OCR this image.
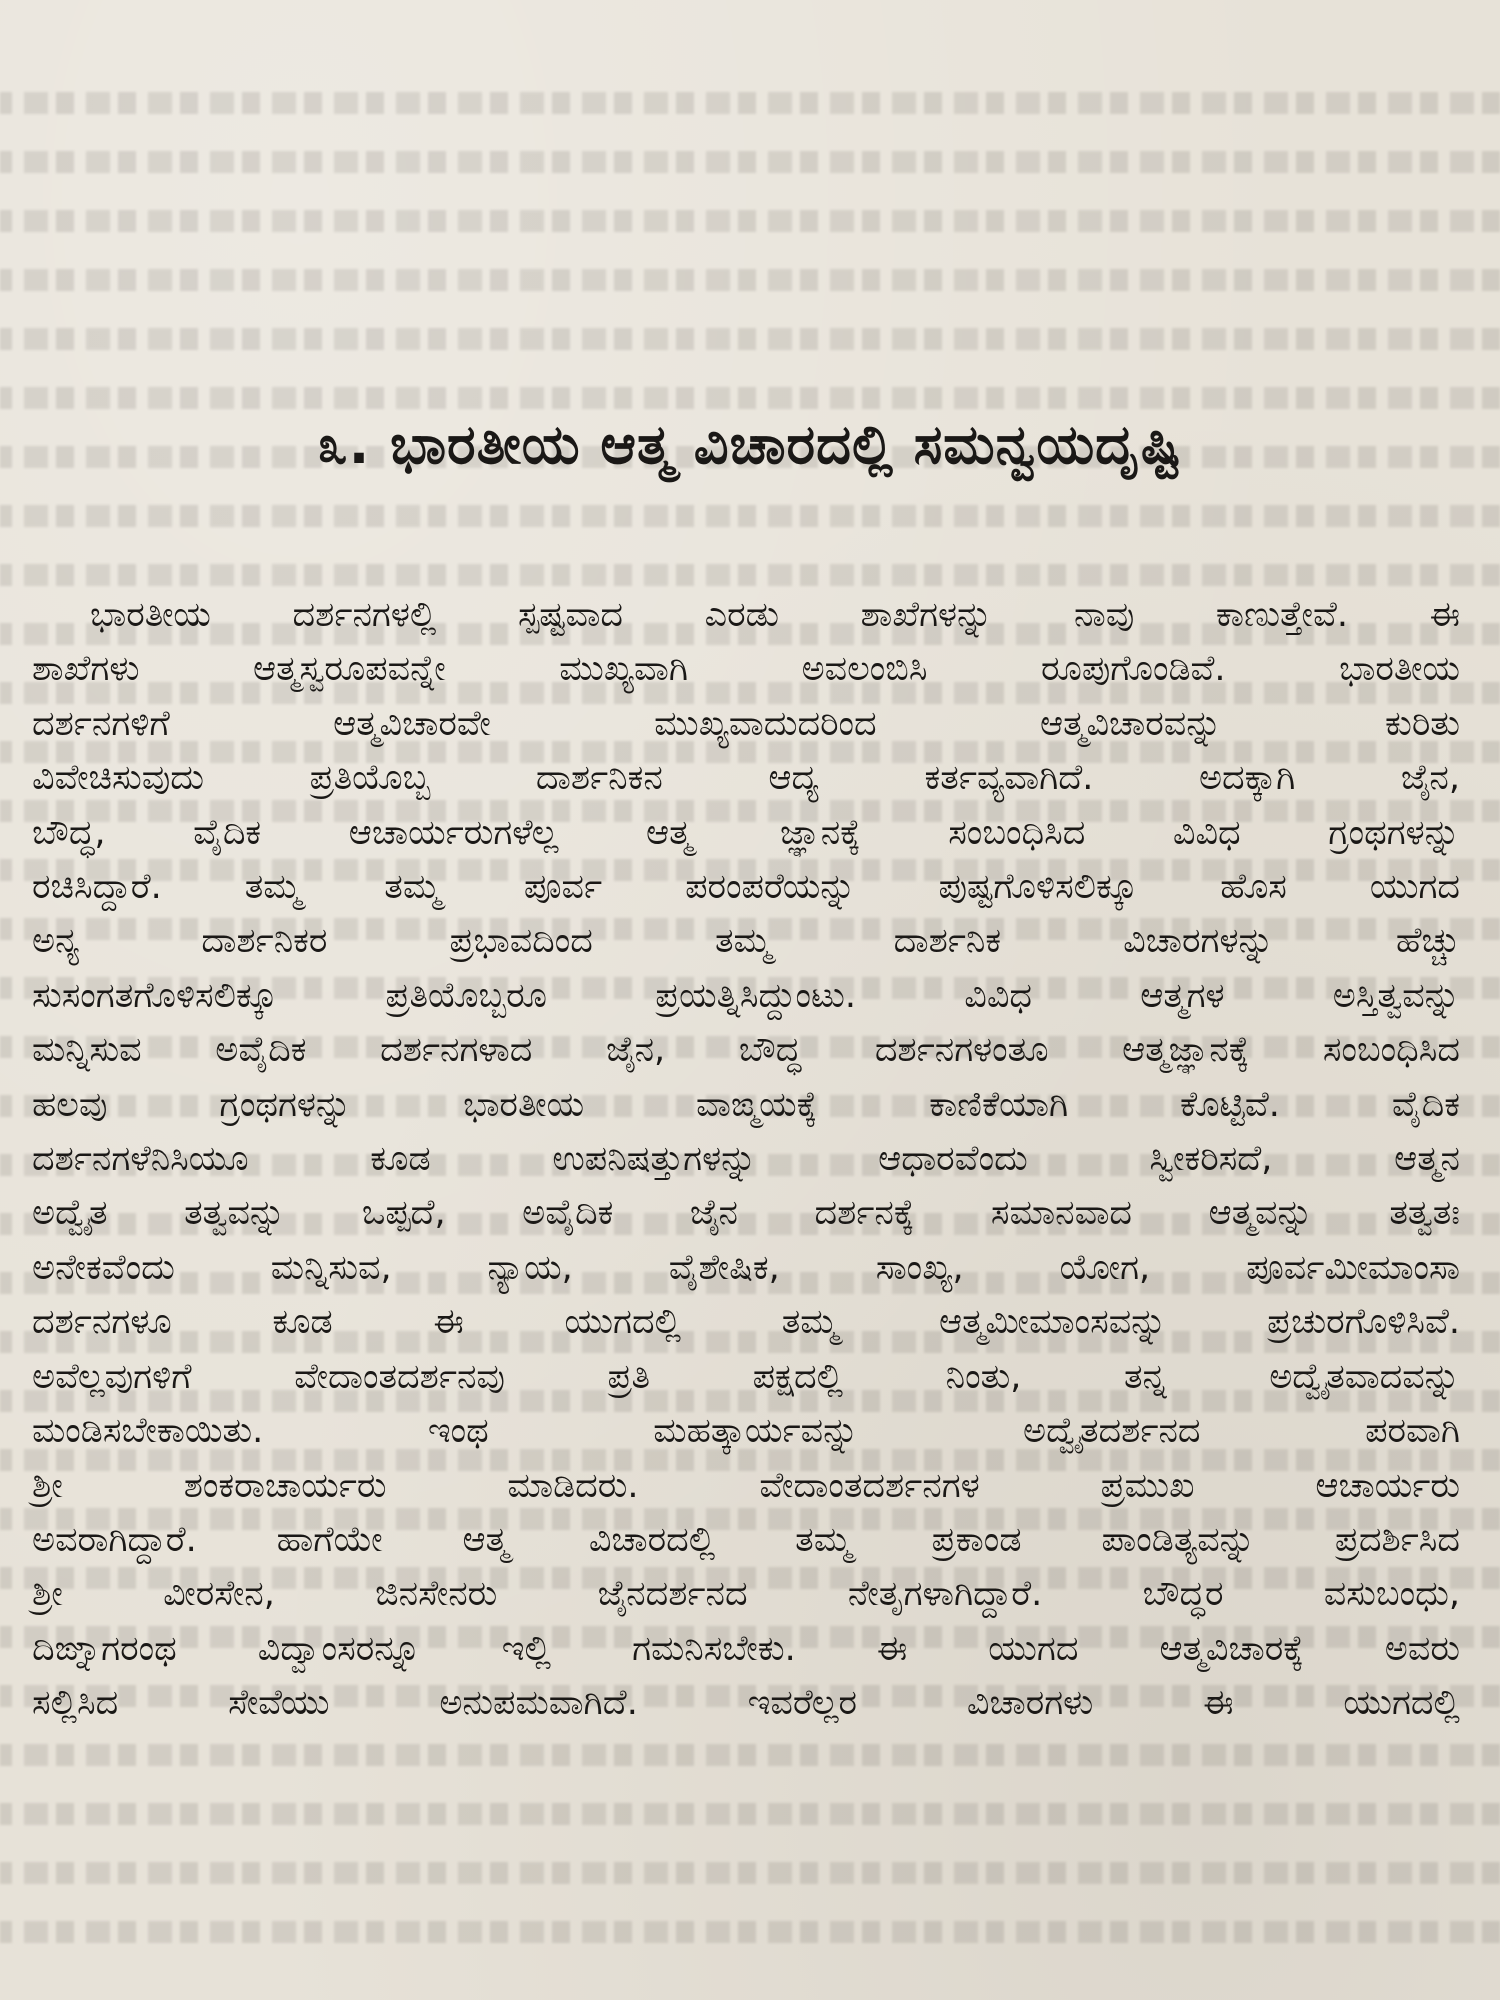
೩. ಭಾರತೀಯ ಆತ್ಮ ವಿಚಾರದಲ್ಲಿ ಸಮನ್ವಯದೃಷ್ಟಿ
ಭಾರತೀಯ ದರ್ಶನಗಳಲ್ಲಿ ಸ್ಪಷ್ಟವಾದ ಎರಡು ಶಾಖೆಗಳನ್ನು ನಾವು ಕಾಣುತ್ತೇವೆ. ಈ
ಶಾಖೆಗಳು ಆತ್ಮಸ್ವರೂಪವನ್ನೇ ಮುಖ್ಯವಾಗಿ ಅವಲಂಬಿಸಿ ರೂಪುಗೊಂಡಿವೆ. ಭಾರತೀಯ
ದರ್ಶನಗಳಿಗೆ ಆತ್ಮವಿಚಾರವೇ ಮುಖ್ಯವಾದುದರಿಂದ ಆತ್ಮವಿಚಾರವನ್ನು ಕುರಿತು
ವಿವೇಚಿಸುವುದು ಪ್ರತಿಯೊಬ್ಬ ದಾರ್ಶನಿಕನ ಆದ್ಯ ಕರ್ತವ್ಯವಾಗಿದೆ. ಅದಕ್ಕಾಗಿ ಜೈನ,
ಬೌದ್ಧ, ವೈದಿಕ ಆಚಾರ್ಯರುಗಳೆಲ್ಲ ಆತ್ಮ ಜ್ಞಾನಕ್ಕೆ ಸಂಬಂಧಿಸಿದ ವಿವಿಧ ಗ್ರಂಥಗಳನ್ನು
ರಚಿಸಿದ್ದಾರೆ. ತಮ್ಮ ತಮ್ಮ ಪೂರ್ವ ಪರಂಪರೆಯನ್ನು ಪುಷ್ಟಗೊಳಿಸಲಿಕ್ಕೂ ಹೊಸ ಯುಗದ
ಅನ್ಯ ದಾರ್ಶನಿಕರ ಪ್ರಭಾವದಿಂದ ತಮ್ಮ ದಾರ್ಶನಿಕ ವಿಚಾರಗಳನ್ನು ಹೆಚ್ಚು
ಸುಸಂಗತಗೊಳಿಸಲಿಕ್ಕೂ ಪ್ರತಿಯೊಬ್ಬರೂ ಪ್ರಯತ್ನಿಸಿದ್ದುಂಟು. ವಿವಿಧ ಆತ್ಮಗಳ ಅಸ್ತಿತ್ವವನ್ನು
ಮನ್ನಿಸುವ ಅವೈದಿಕ ದರ್ಶನಗಳಾದ ಜೈನ, ಬೌದ್ಧ ದರ್ಶನಗಳಂತೂ ಆತ್ಮಜ್ಞಾನಕ್ಕೆ ಸಂಬಂಧಿಸಿದ
ಹಲವು ಗ್ರಂಥಗಳನ್ನು ಭಾರತೀಯ ವಾಙ್ಮಯಕ್ಕೆ ಕಾಣಿಕೆಯಾಗಿ ಕೊಟ್ಟಿವೆ. ವೈದಿಕ
ದರ್ಶನಗಳೆನಿಸಿಯೂ ಕೂಡ ಉಪನಿಷತ್ತುಗಳನ್ನು ಆಧಾರವೆಂದು ಸ್ವೀಕರಿಸದೆ, ಆತ್ಮನ
ಅದ್ವೈತ ತತ್ವವನ್ನು ಒಪ್ಪದೆ, ಅವೈದಿಕ ಜೈನ ದರ್ಶನಕ್ಕೆ ಸಮಾನವಾದ ಆತ್ಮವನ್ನು ತತ್ವತಃ
ಅನೇಕವೆಂದು ಮನ್ನಿಸುವ, ನ್ಯಾಯ, ವೈಶೇಷಿಕ, ಸಾಂಖ್ಯ, ಯೋಗ, ಪೂರ್ವಮೀಮಾಂಸಾ
ದರ್ಶನಗಳೂ ಕೂಡ ಈ ಯುಗದಲ್ಲಿ ತಮ್ಮ ಆತ್ಮಮೀಮಾಂಸವನ್ನು ಪ್ರಚುರಗೊಳಿಸಿವೆ.
ಅವೆಲ್ಲವುಗಳಿಗೆ ವೇದಾಂತದರ್ಶನವು ಪ್ರತಿ ಪಕ್ಷದಲ್ಲಿ ನಿಂತು, ತನ್ನ ಅದ್ವೈತವಾದವನ್ನು
ಮಂಡಿಸಬೇಕಾಯಿತು. ಇಂಥ ಮಹತ್ಕಾರ್ಯವನ್ನು ಅದ್ವೈತದರ್ಶನದ ಪರವಾಗಿ
ಶ್ರೀ ಶಂಕರಾಚಾರ್ಯರು ಮಾಡಿದರು. ವೇದಾಂತದರ್ಶನಗಳ ಪ್ರಮುಖ ಆಚಾರ್ಯರು
ಅವರಾಗಿದ್ದಾರೆ. ಹಾಗೆಯೇ ಆತ್ಮ ವಿಚಾರದಲ್ಲಿ ತಮ್ಮ ಪ್ರಕಾಂಡ ಪಾಂಡಿತ್ಯವನ್ನು ಪ್ರದರ್ಶಿಸಿದ
ಶ್ರೀ ವೀರಸೇನ, ಜಿನಸೇನರು ಜೈನದರ್ಶನದ ನೇತೃಗಳಾಗಿದ್ದಾರೆ. ಬೌದ್ಧರ ವಸುಬಂಧು,
ದಿಙ್ನಾಗರಂಥ ವಿದ್ವಾಂಸರನ್ನೂ ಇಲ್ಲಿ ಗಮನಿಸಬೇಕು. ಈ ಯುಗದ ಆತ್ಮವಿಚಾರಕ್ಕೆ ಅವರು
ಸಲ್ಲಿಸಿದ ಸೇವೆಯು ಅನುಪಮವಾಗಿದೆ. ಇವರೆಲ್ಲರ ವಿಚಾರಗಳು ಈ ಯುಗದಲ್ಲಿ
